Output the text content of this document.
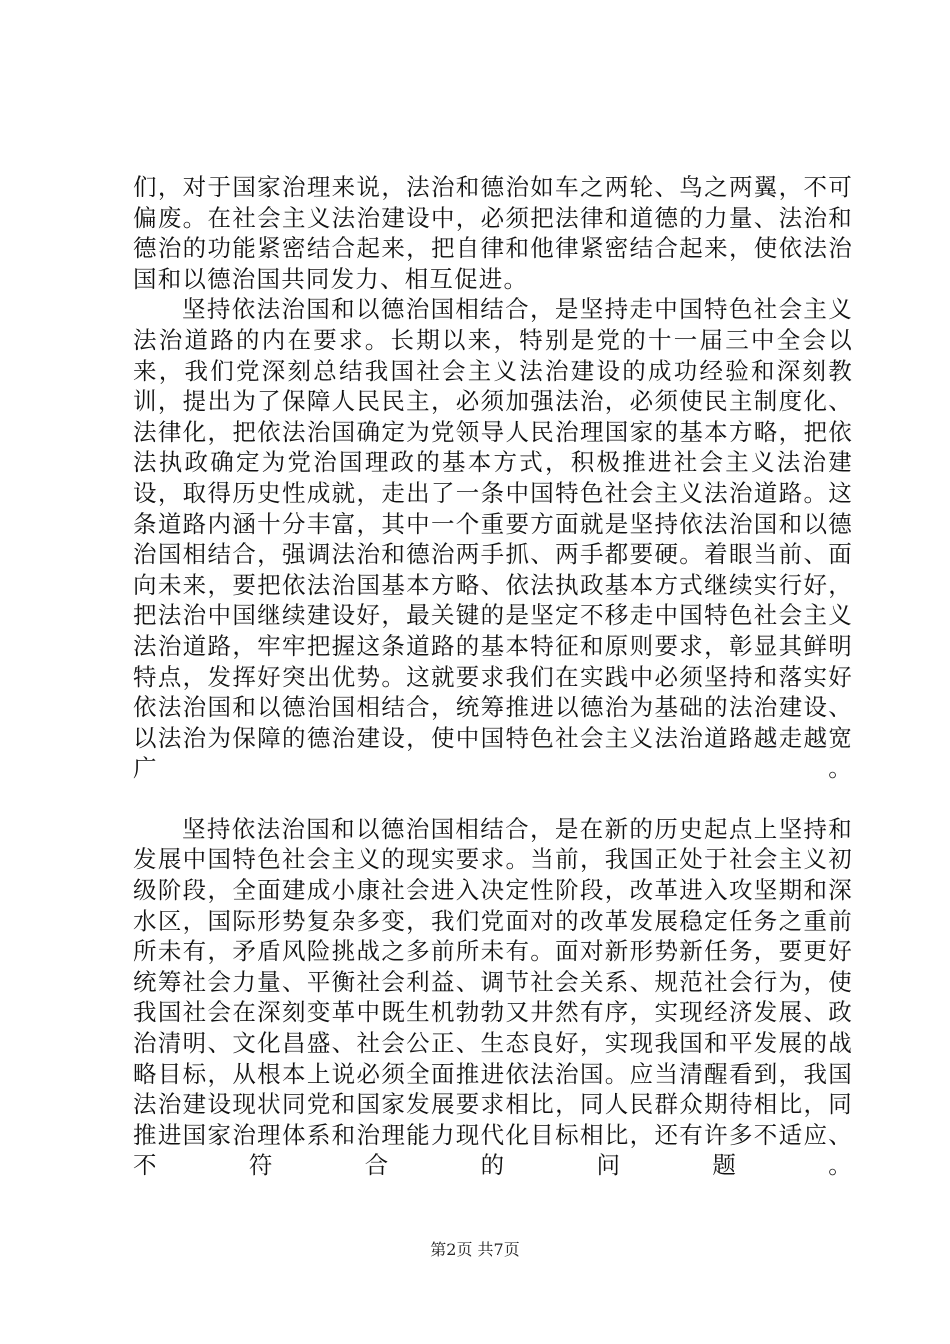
们，对于国家治理来说，法治和德治如车之两轮、鸟之两翼，不可偏废。在社会主义法治建设中，必须把法律和道德的力量、法治和德治的功能紧密结合起来，把自律和他律紧密结合起来，使依法治国和以德治国共同发力、相互促进。

坚持依法治国和以德治国相结合，是坚持走中国特色社会主义法治道路的内在要求。长期以来，特别是党的十一届三中全会以来，我们党深刻总结我国社会主义法治建设的成功经验和深刻教训，提出为了保障人民民主，必须加强法治，必须使民主制度化、法律化，把依法治国确定为党领导人民治理国家的基本方略，把依法执政确定为党治国理政的基本方式，积极推进社会主义法治建设，取得历史性成就，走出了一条中国特色社会主义法治道路。这条道路内涵十分丰富，其中一个重要方面就是坚持依法治国和以德治国相结合，强调法治和德治两手抓、两手都要硬。着眼当前、面向未来，要把依法治国基本方略、依法执政基本方式继续实行好，把法治中国继续建设好，最关键的是坚定不移走中国特色社会主义法治道路，牢牢把握这条道路的基本特征和原则要求，彰显其鲜明特点，发挥好突出优势。这就要求我们在实践中必须坚持和落实好依法治国和以德治国相结合，统筹推进以德治为基础的法治建设、以法治为保障的德治建设，使中国特色社会主义法治道路越走越宽广。

坚持依法治国和以德治国相结合，是在新的历史起点上坚持和发展中国特色社会主义的现实要求。当前，我国正处于社会主义初级阶段，全面建成小康社会进入决定性阶段，改革进入攻坚期和深水区，国际形势复杂多变，我们党面对的改革发展稳定任务之重前所未有，矛盾风险挑战之多前所未有。面对新形势新任务，要更好统筹社会力量、平衡社会利益、调节社会关系、规范社会行为，使我国社会在深刻变革中既生机勃勃又井然有序，实现经济发展、政治清明、文化昌盛、社会公正、生态良好，实现我国和平发展的战略目标，从根本上说必须全面推进依法治国。应当清醒看到，我国法治建设现状同党和国家发展要求相比，同人民群众期待相比，同推进国家治理体系和治理能力现代化目标相比，还有许多不适应、不符合的问题。

第2页 共7页
